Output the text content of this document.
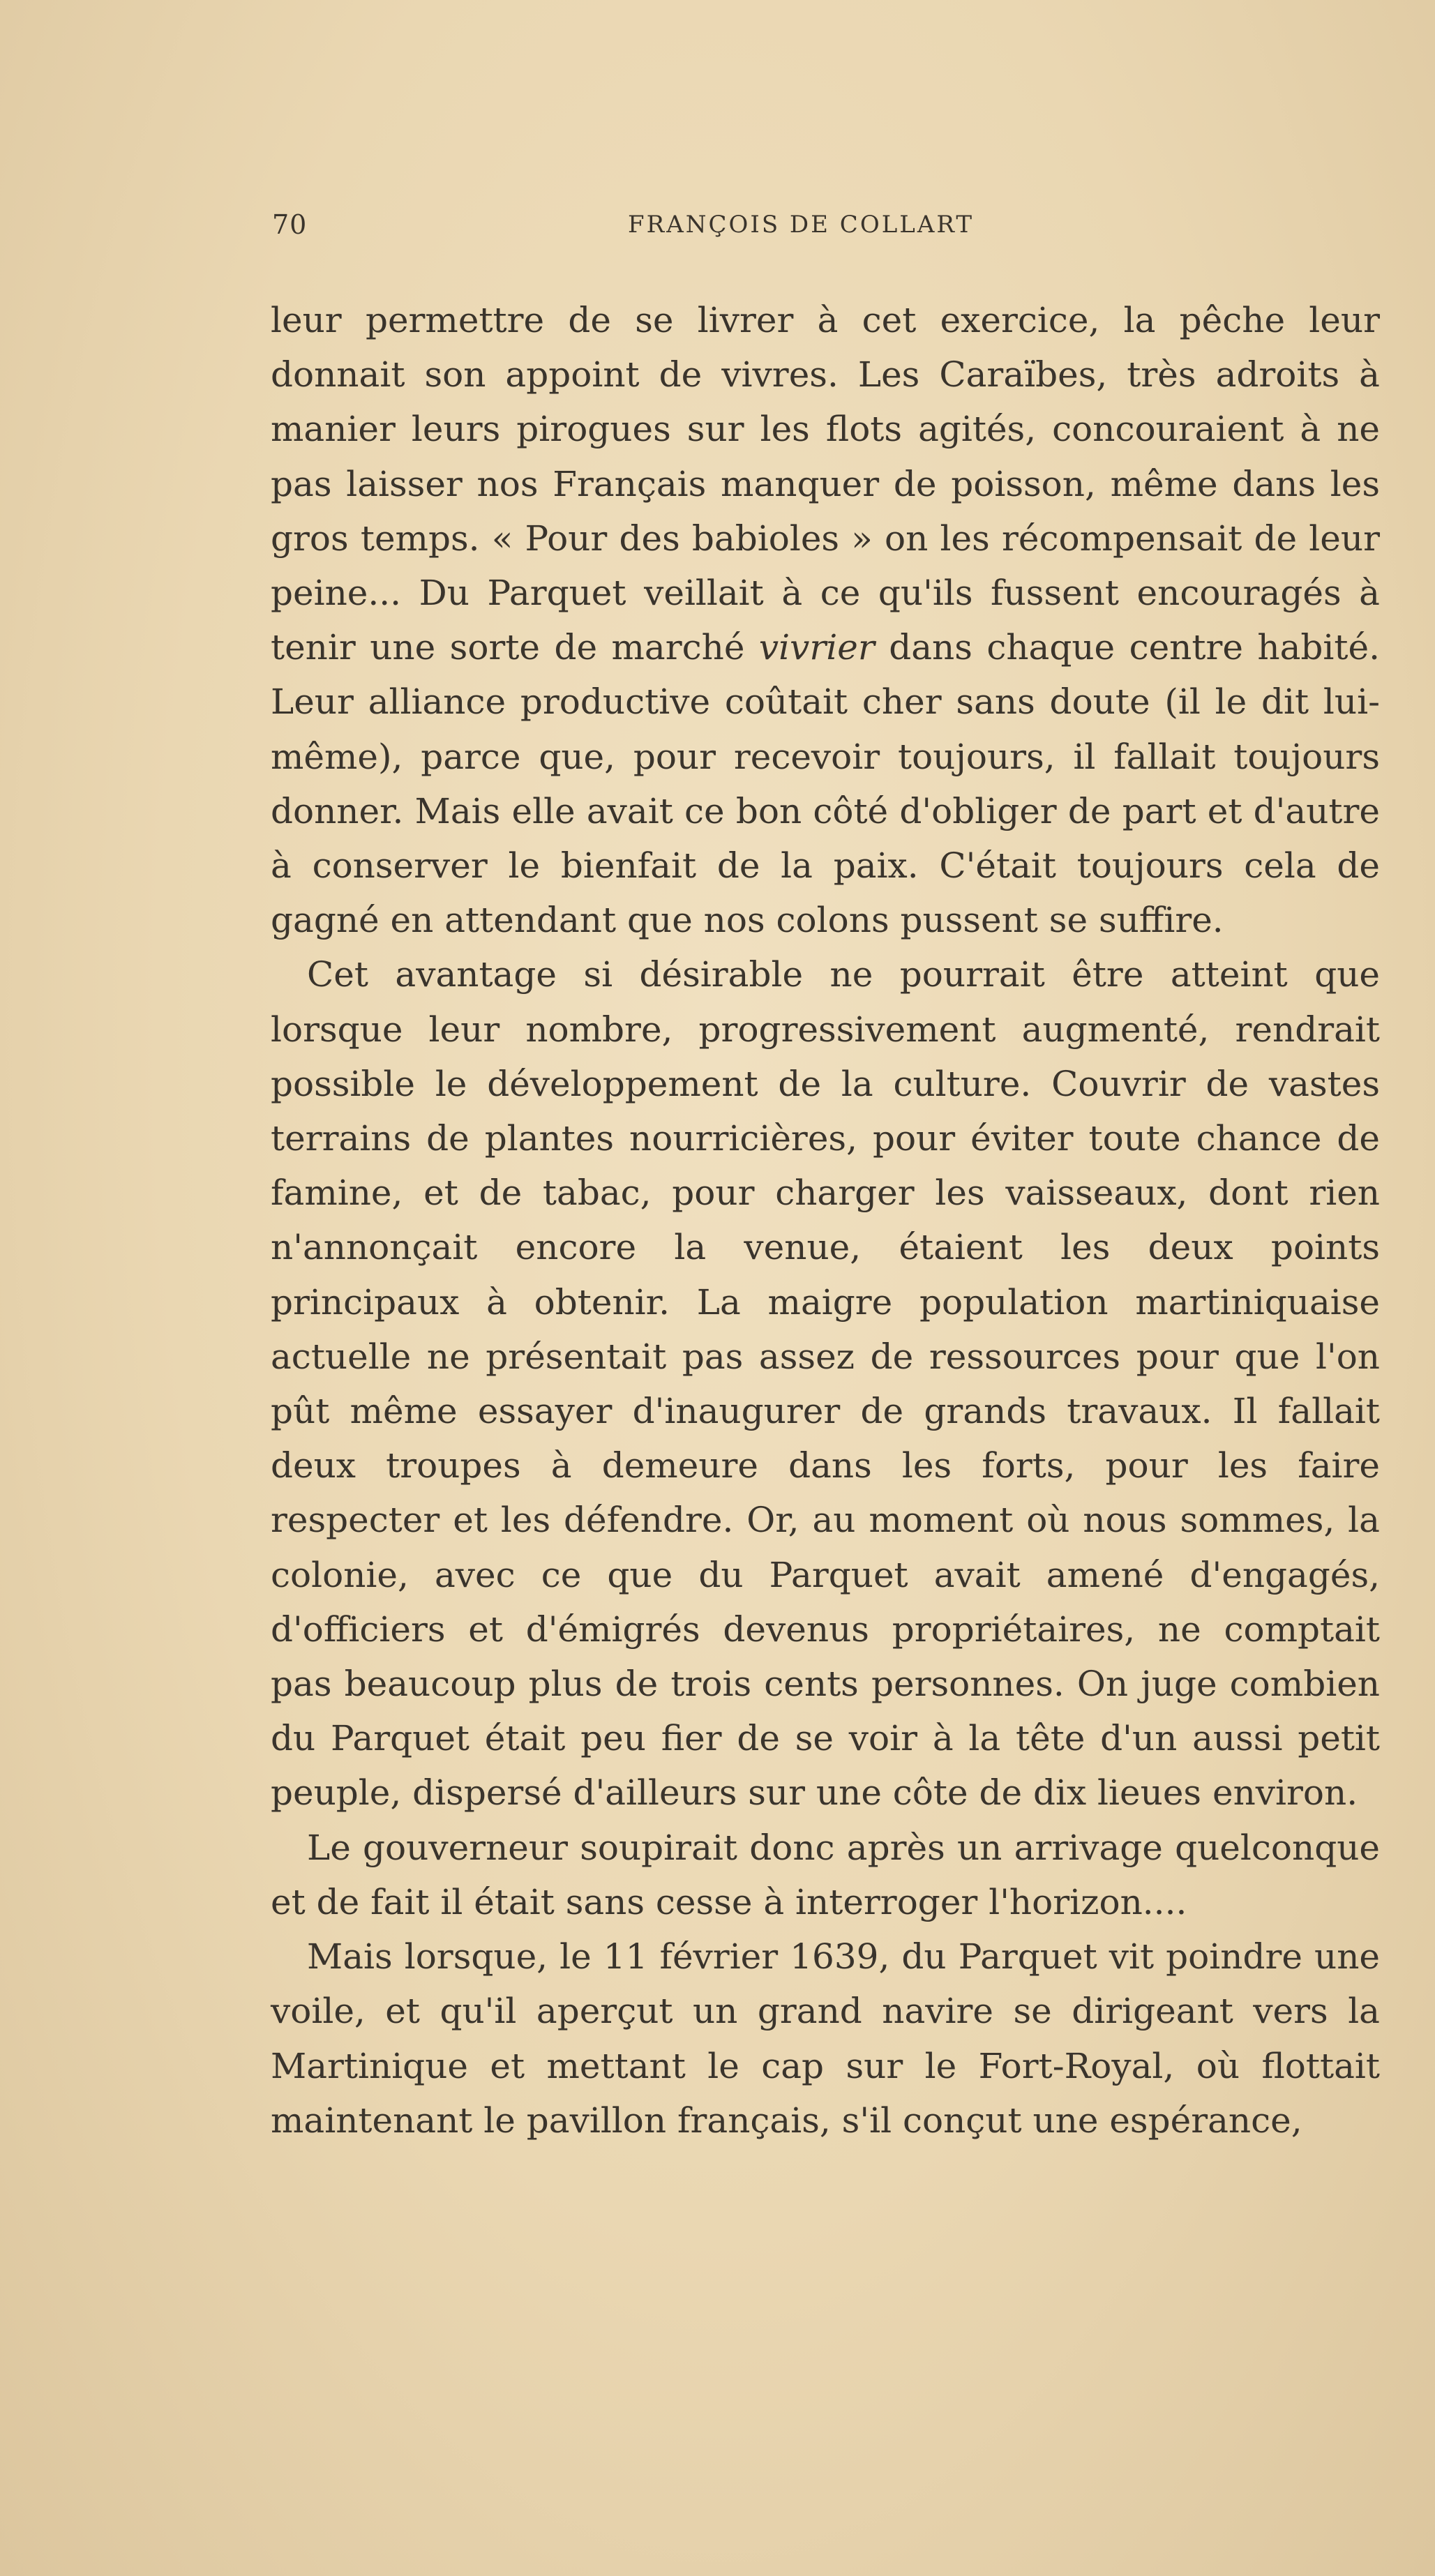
70	FRANÇOIS DE COLLART

leur permettre de se livrer à cet exercice, la pêche leur donnait son appoint de vivres. Les Caraïbes, très adroits à manier leurs pirogues sur les flots agités, concouraient à ne pas laisser nos Français manquer de poisson, même dans les gros temps. « Pour des babioles » on les récompensait de leur peine... Du Parquet veillait à ce qu'ils fussent encouragés à tenir une sorte de marché vivrier dans chaque centre habité. Leur alliance productive coûtait cher sans doute (il le dit lui-même), parce que, pour recevoir toujours, il fallait toujours donner. Mais elle avait ce bon côté d'obliger de part et d'autre à conserver le bienfait de la paix. C'était toujours cela de gagné en attendant que nos colons pussent se suffire.

Cet avantage si désirable ne pourrait être atteint que lorsque leur nombre, progressivement augmenté, rendrait possible le développement de la culture. Couvrir de vastes terrains de plantes nourricières, pour éviter toute chance de famine, et de tabac, pour charger les vaisseaux, dont rien n'annonçait encore la venue, étaient les deux points principaux à obtenir. La maigre population martiniquaise actuelle ne présentait pas assez de ressources pour que l'on pût même essayer d'inaugurer de grands travaux. Il fallait deux troupes à demeure dans les forts, pour les faire respecter et les défendre. Or, au moment où nous sommes, la colonie, avec ce que du Parquet avait amené d'engagés, d'officiers et d'émigrés devenus propriétaires, ne comptait pas beaucoup plus de trois cents personnes. On juge combien du Parquet était peu fier de se voir à la tête d'un aussi petit peuple, dispersé d'ailleurs sur une côte de dix lieues environ.

Le gouverneur soupirait donc après un arrivage quelconque et de fait il était sans cesse à interroger l'horizon....

Mais lorsque, le 11 février 1639, du Parquet vit poindre une voile, et qu'il aperçut un grand navire se dirigeant vers la Martinique et mettant le cap sur le Fort-Royal, où flottait maintenant le pavillon français, s'il conçut une espérance,
